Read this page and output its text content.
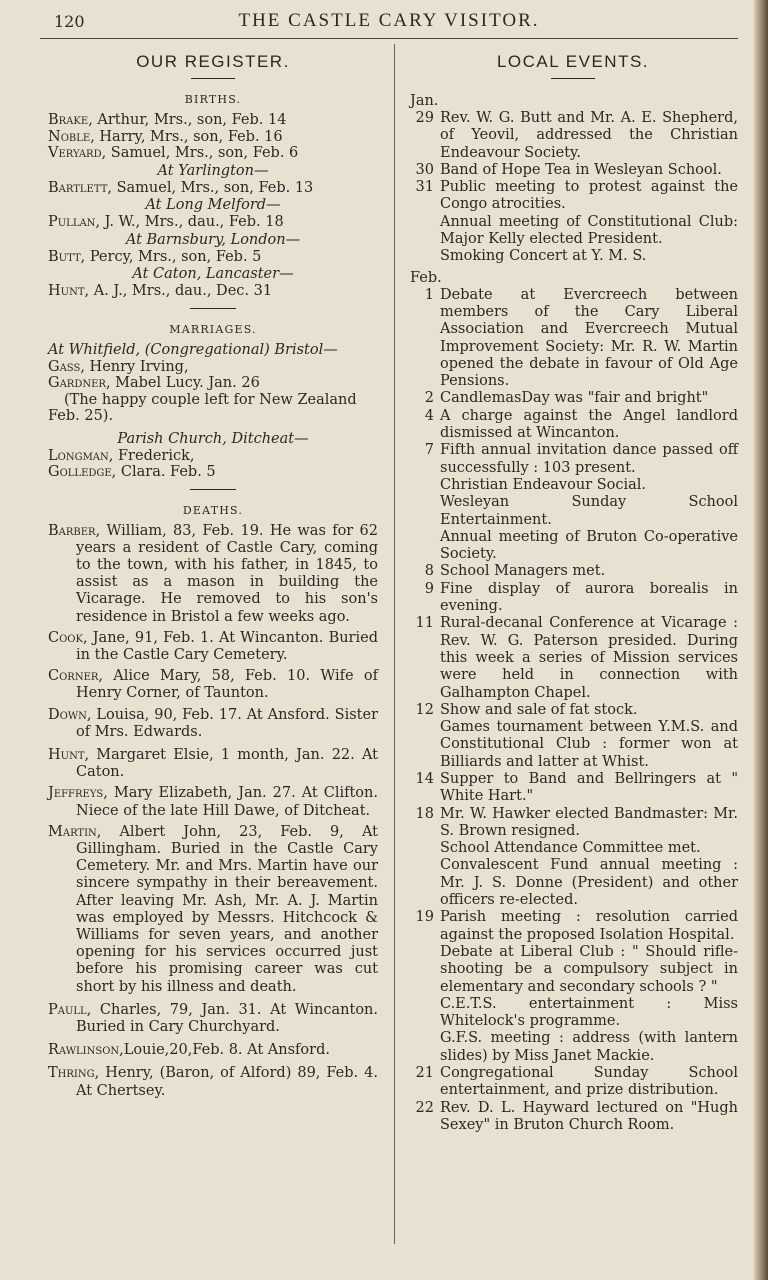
120	THE CASTLE CARY VISITOR.
OUR REGISTER.
BIRTHS.
Brake, Arthur, Mrs., son, Feb. 14
Noble, Harry, Mrs., son, Feb. 16
Veryard, Samuel, Mrs., son, Feb. 6
At Yarlington—
Bartlett, Samuel, Mrs., son, Feb. 13
At Long Melford—
Pullan, J. W., Mrs., dau., Feb. 18
At Barnsbury, London—
Butt, Percy, Mrs., son, Feb. 5
At Caton, Lancaster—
Hunt, A. J., Mrs., dau., Dec. 31
MARRIAGES.
At Whitfield, (Congregational) Bristol—
Gass, Henry Irving,
Gardner, Mabel Lucy. Jan. 26
(The happy couple left for New Zealand Feb. 25).
Parish Church, Ditcheat—
Longman, Frederick,
Golledge, Clara. Feb. 5
DEATHS.
Barber, William, 83, Feb. 19. He was for 62 years a resident of Castle Cary, coming to the town, with his father, in 1845, to assist as a mason in building the Vicarage. He removed to his son's residence in Bristol a few weeks ago.
Cook, Jane, 91, Feb. 1. At Wincanton. Buried in the Castle Cary Cemetery.
Corner, Alice Mary, 58, Feb. 10. Wife of Henry Corner, of Taunton.
Down, Louisa, 90, Feb. 17. At Ansford. Sister of Mrs. Edwards.
Hunt, Margaret Elsie, 1 month, Jan. 22. At Caton.
Jeffreys, Mary Elizabeth, Jan. 27. At Clifton. Niece of the late Hill Dawe, of Ditcheat.
Martin, Albert John, 23, Feb. 9, At Gillingham. Buried in the Castle Cary Cemetery. Mr. and Mrs. Martin have our sincere sympathy in their bereavement. After leaving Mr. Ash, Mr. A. J. Martin was employed by Messrs. Hitchcock & Williams for seven years, and another opening for his services occurred just before his promising career was cut short by his illness and death.
Paull, Charles, 79, Jan. 31. At Wincanton. Buried in Cary Churchyard.
Rawlinson,Louie,20,Feb. 8. At Ansford.
Thring, Henry, (Baron, of Alford) 89, Feb. 4. At Chertsey.
LOCAL EVENTS.
Jan.
29 Rev. W. G. Butt and Mr. A. E. Shepherd, of Yeovil, addressed the Christian Endeavour Society.

30 Band of Hope Tea in Wesleyan School.

31 Public meeting to protest against the Congo atrocities.

Annual meeting of Constitutional Club: Major Kelly elected President.

Smoking Concert at Y. M. S.

Feb.
1 Debate at Evercreech between members of the Cary Liberal Association and Evercreech Mutual Improvement Society: Mr. R. W. Martin opened the debate in favour of Old Age Pensions.

2 CandlemasDay was "fair and bright"

4 A charge against the Angel landlord dismissed at Wincanton.

7 Fifth annual invitation dance passed off successfully : 103 present.

Christian Endeavour Social.

Wesleyan Sunday School Entertainment.

Annual meeting of Bruton Co-operative Society.

8 School Managers met.

9 Fine display of aurora borealis in evening.

11 Rural-decanal Conference at Vicarage : Rev. W. G. Paterson presided. During this week a series of Mission services were held in connection with Galhampton Chapel.

12 Show and sale of fat stock.

Games tournament between Y.M.S. and Constitutional Club : former won at Billiards and latter at Whist.

14 Supper to Band and Bellringers at " White Hart."

18 Mr. W. Hawker elected Bandmaster: Mr. S. Brown resigned.

School Attendance Committee met.

Convalescent Fund annual meeting : Mr. J. S. Donne (President) and other officers re-elected.

19 Parish meeting : resolution carried against the proposed Isolation Hospital.

Debate at Liberal Club : " Should rifle-shooting be a compulsory subject in elementary and secondary schools ? "

C.E.T.S. entertainment : Miss Whitelock's programme.

G.F.S. meeting : address (with lantern slides) by Miss Janet Mackie.

21 Congregational Sunday School entertainment, and prize distribution.

22 Rev. D. L. Hayward lectured on "Hugh Sexey" in Bruton Church Room.
